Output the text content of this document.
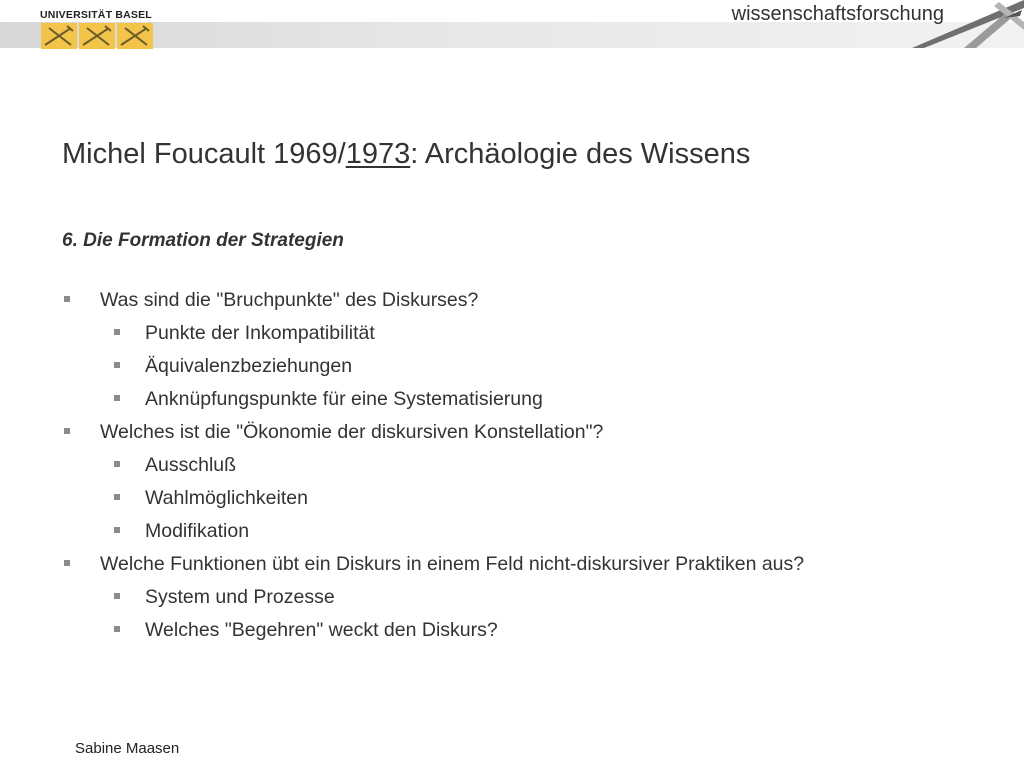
UNIVERSITÄT BASEL	wissenschaftsforschung
Michel Foucault 1969/1973: Archäologie des Wissens
6. Die Formation der Strategien
Was sind die "Bruchpunkte" des Diskurses?
Punkte der Inkompatibilität
Äquivalenzbeziehungen
Anknüpfungspunkte für eine Systematisierung
Welches ist die "Ökonomie der diskursiven Konstellation"?
Ausschluß
Wahlmöglichkeiten
Modifikation
Welche Funktionen übt ein Diskurs in einem Feld nicht-diskursiver Praktiken aus?
System und Prozesse
Welches "Begehren" weckt den Diskurs?
Sabine Maasen
